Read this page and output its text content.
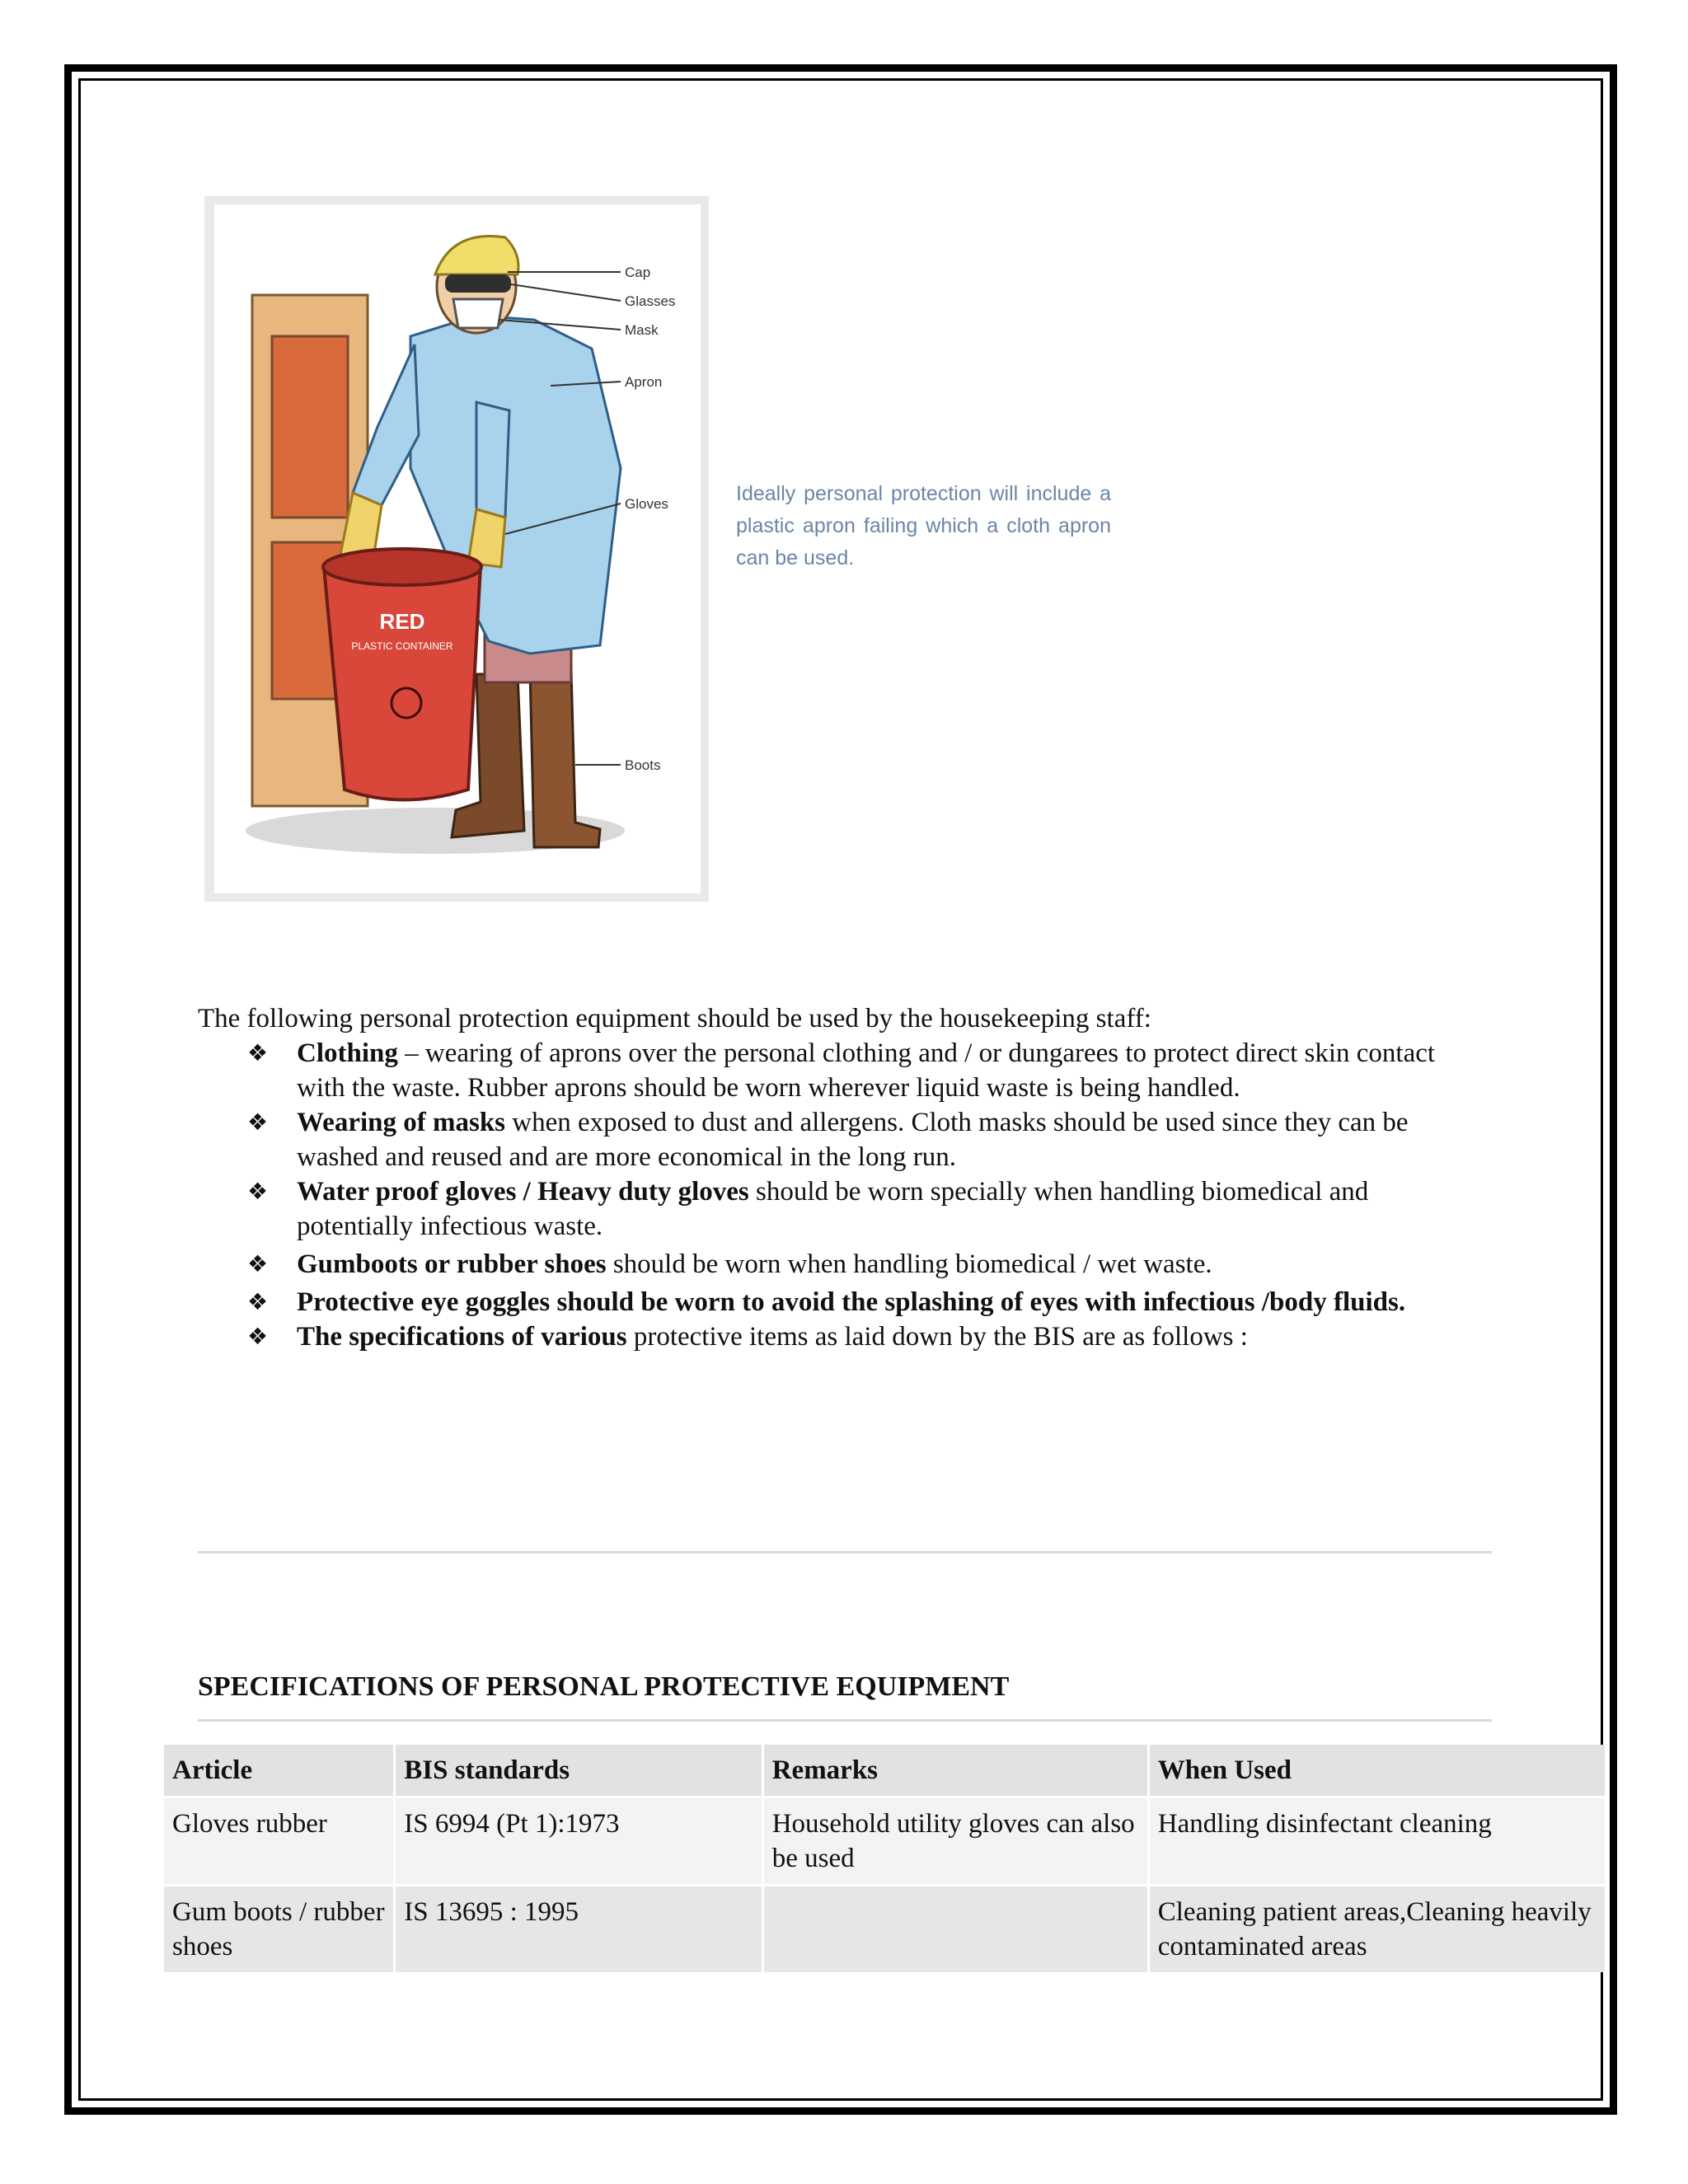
RED
PLASTIC CONTAINER
Cap
Glasses
Mask
Apron
Gloves
Boots
Ideally personal protection will include a plastic apron failing which a cloth apron can be used.
The following personal protection equipment should be used by the housekeeping staff:
❖ Clothing – wearing of aprons over the personal clothing and / or dungarees to protect direct skin contact with the waste. Rubber aprons should be worn wherever liquid waste is being handled.
❖ Wearing of masks when exposed to dust and allergens. Cloth masks should be used since they can be washed and reused and are more economical in the long run.
❖ Water proof gloves / Heavy duty gloves should be worn specially when handling biomedical and potentially infectious waste.
❖ Gumboots or rubber shoes should be worn when handling biomedical / wet waste.
❖ Protective eye goggles should be worn to avoid the splashing of eyes with infectious /body fluids.
❖ The specifications of various protective items as laid down by the BIS are as follows :
SPECIFICATIONS OF PERSONAL PROTECTIVE EQUIPMENT
Article	BIS standards	Remarks	When Used
Gloves rubber	IS 6994 (Pt 1):1973	Household utility gloves can also be used	Handling disinfectant cleaning
Gum boots / rubber shoes	IS 13695 : 1995		Cleaning patient areas,Cleaning heavily contaminated areas
